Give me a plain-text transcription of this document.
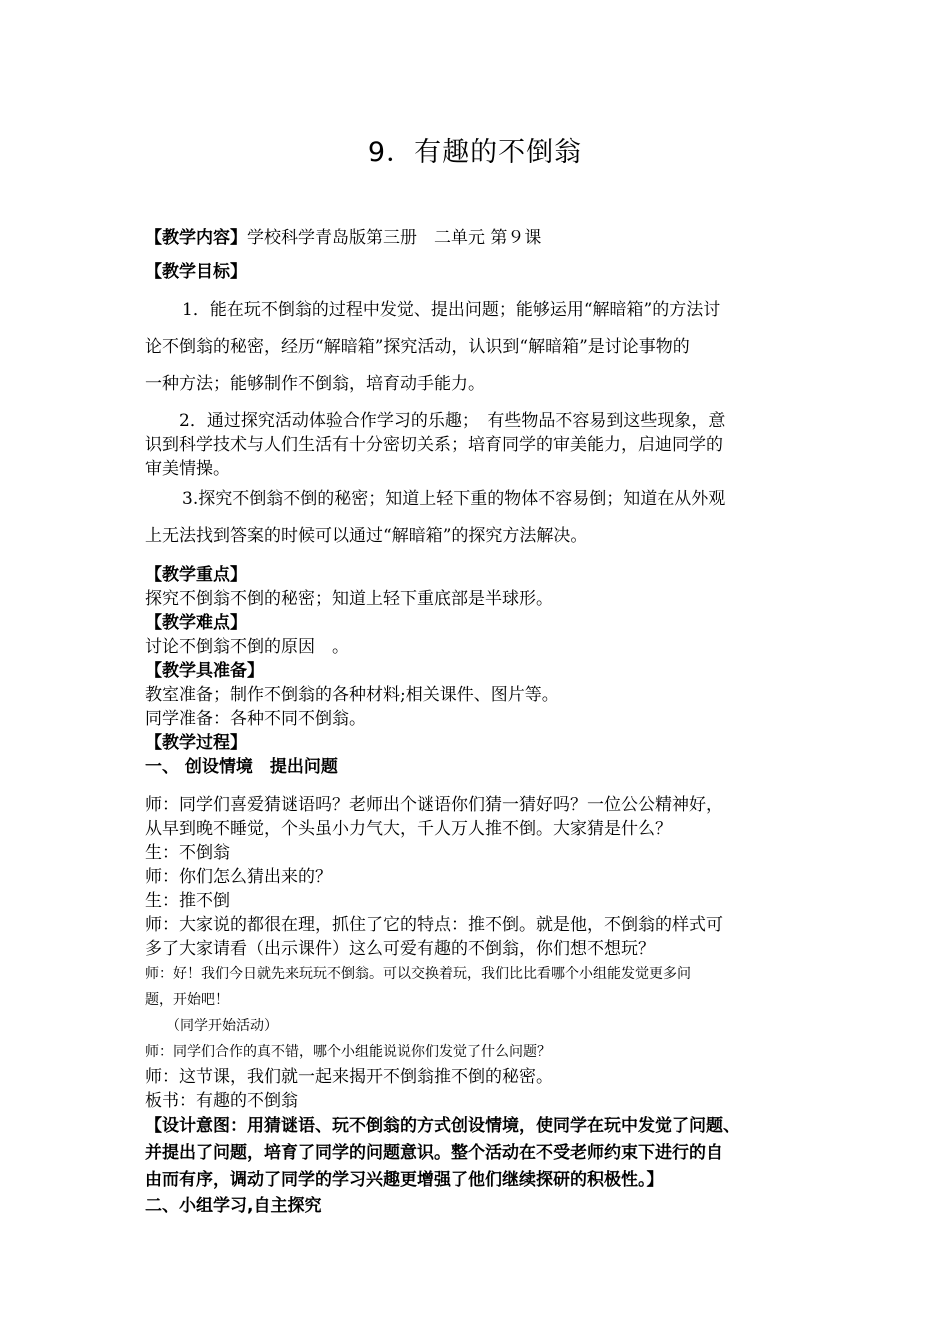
9．有趣的不倒翁
【教学内容】学校科学青岛版第三册　二单元 第９课
【教学目标】
　1．能在玩不倒翁的过程中发觉、提出问题；能够运用“解暗箱”的方法讨
论不倒翁的秘密，经历“解暗箱”探究活动，认识到“解暗箱”是讨论事物的
一种方法；能够制作不倒翁，培育动手能力。
2．通过探究活动体验合作学习的乐趣；　有些物品不容易到这些现象，意
识到科学技术与人们生活有十分密切关系；培育同学的审美能力，启迪同学的
审美情操。
　3.探究不倒翁不倒的秘密；知道上轻下重的物体不容易倒；知道在从外观
上无法找到答案的时候可以通过“解暗箱”的探究方法解决。
【教学重点】
探究不倒翁不倒的秘密；知道上轻下重底部是半球形。
【教学难点】
讨论不倒翁不倒的原因　。
【教学具准备】
教室准备；制作不倒翁的各种材料;相关课件、图片等。
同学准备：各种不同不倒翁。
【教学过程】
一、 创设情境　提出问题
师：同学们喜爱猜谜语吗？老师出个谜语你们猜一猜好吗？一位公公精神好，
从早到晚不睡觉，个头虽小力气大，千人万人推不倒。大家猜是什么？
生：不倒翁
师：你们怎么猜出来的？
生：推不倒
师：大家说的都很在理，抓住了它的特点：推不倒。就是他，不倒翁的样式可
多了大家请看（出示课件）这么可爱有趣的不倒翁，你们想不想玩？
师：好！我们今日就先来玩玩不倒翁。可以交换着玩，我们比比看哪个小组能发觉更多问
题，开始吧！
　　（同学开始活动）
师：同学们合作的真不错，哪个小组能说说你们发觉了什么问题？
师：这节课，我们就一起来揭开不倒翁推不倒的秘密。
板书：有趣的不倒翁
【设计意图：用猜谜语、玩不倒翁的方式创设情境，使同学在玩中发觉了问题、
并提出了问题，培育了同学的问题意识。整个活动在不受老师约束下进行的自
由而有序，调动了同学的学习兴趣更增强了他们继续探研的积极性。】
二、小组学习,自主探究
